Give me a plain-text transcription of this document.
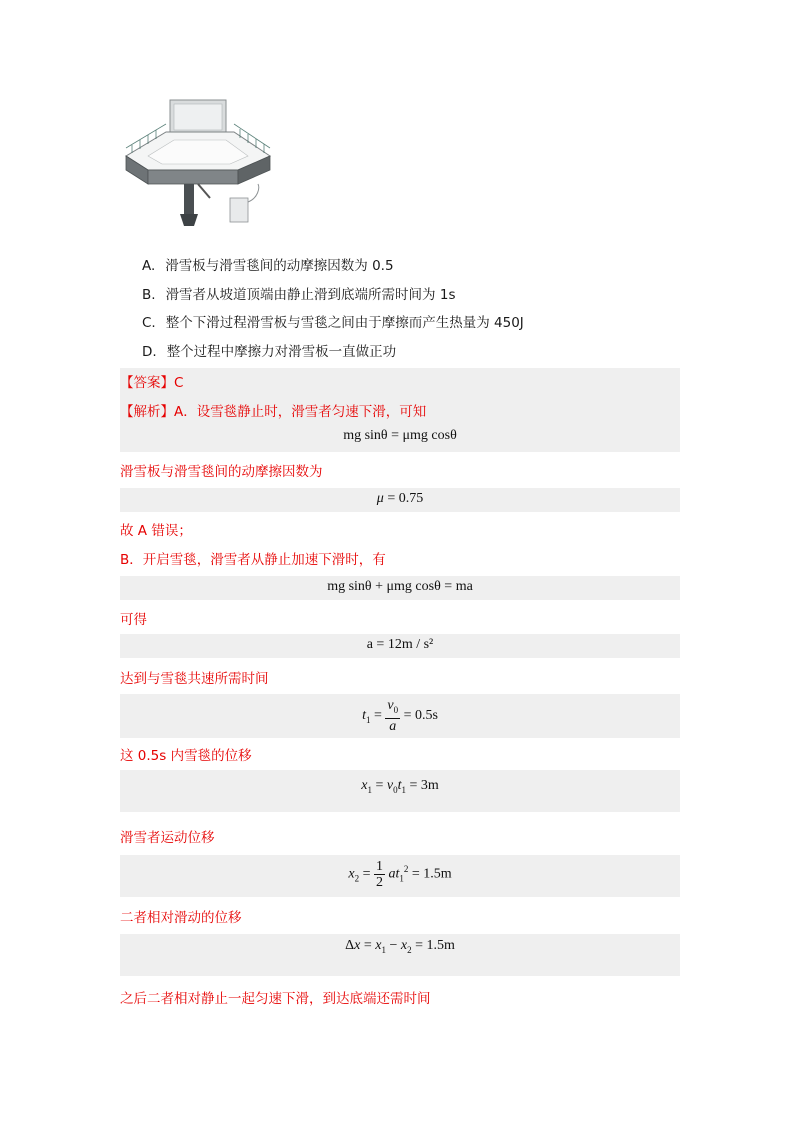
A. 滑雪板与滑雪毯间的动摩擦因数为 0.5
B. 滑雪者从坡道顶端由静止滑到底端所需时间为 1s
C. 整个下滑过程滑雪板与雪毯之间由于摩擦而产生热量为 450J
D. 整个过程中摩擦力对滑雪板一直做正功
【答案】C
【解析】A．设雪毯静止时，滑雪者匀速下滑，可知
mg sinθ = μmg cosθ
滑雪板与滑雪毯间的动摩擦因数为
μ = 0.75
故 A 错误；
B．开启雪毯，滑雪者从静止加速下滑时，有
mg sinθ + μmg cosθ = ma
可得
a = 12m / s²
达到与雪毯共速所需时间
$t_1 = \frac{v_0}{a} = 0.5s$
这 0.5s 内雪毯的位移
$x_1 = v_0t_1 = 3m$
滑雪者运动位移
$x_2 = \frac{1}{2} at_1^2 = 1.5m$
二者相对滑动的位移
$\Delta x = x_1 - x_2 = 1.5m$
之后二者相对静止一起匀速下滑，到达底端还需时间
